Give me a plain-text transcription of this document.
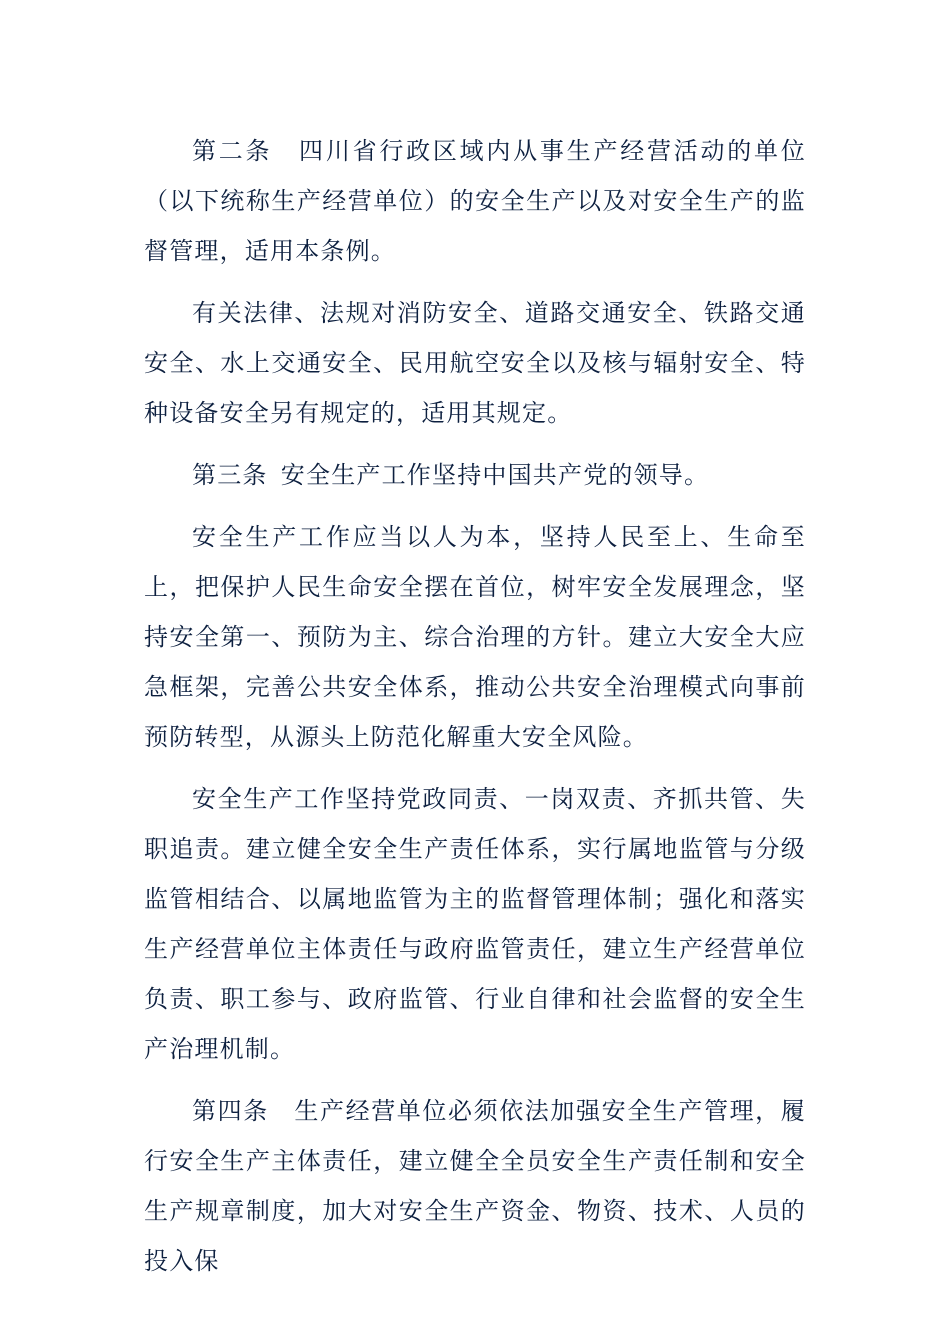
第二条　四川省行政区域内从事生产经营活动的单位（以下统称生产经营单位）的安全生产以及对安全生产的监督管理，适用本条例。

有关法律、法规对消防安全、道路交通安全、铁路交通安全、水上交通安全、民用航空安全以及核与辐射安全、特种设备安全另有规定的，适用其规定。

第三条 安全生产工作坚持中国共产党的领导。

安全生产工作应当以人为本，坚持人民至上、生命至上，把保护人民生命安全摆在首位，树牢安全发展理念，坚持安全第一、预防为主、综合治理的方针。建立大安全大应急框架，完善公共安全体系，推动公共安全治理模式向事前预防转型，从源头上防范化解重大安全风险。

安全生产工作坚持党政同责、一岗双责、齐抓共管、失职追责。建立健全安全生产责任体系，实行属地监管与分级监管相结合、以属地监管为主的监督管理体制；强化和落实生产经营单位主体责任与政府监管责任，建立生产经营单位负责、职工参与、政府监管、行业自律和社会监督的安全生产治理机制。

第四条　生产经营单位必须依法加强安全生产管理，履行安全生产主体责任，建立健全全员安全生产责任制和安全生产规章制度，加大对安全生产资金、物资、技术、人员的投入保
